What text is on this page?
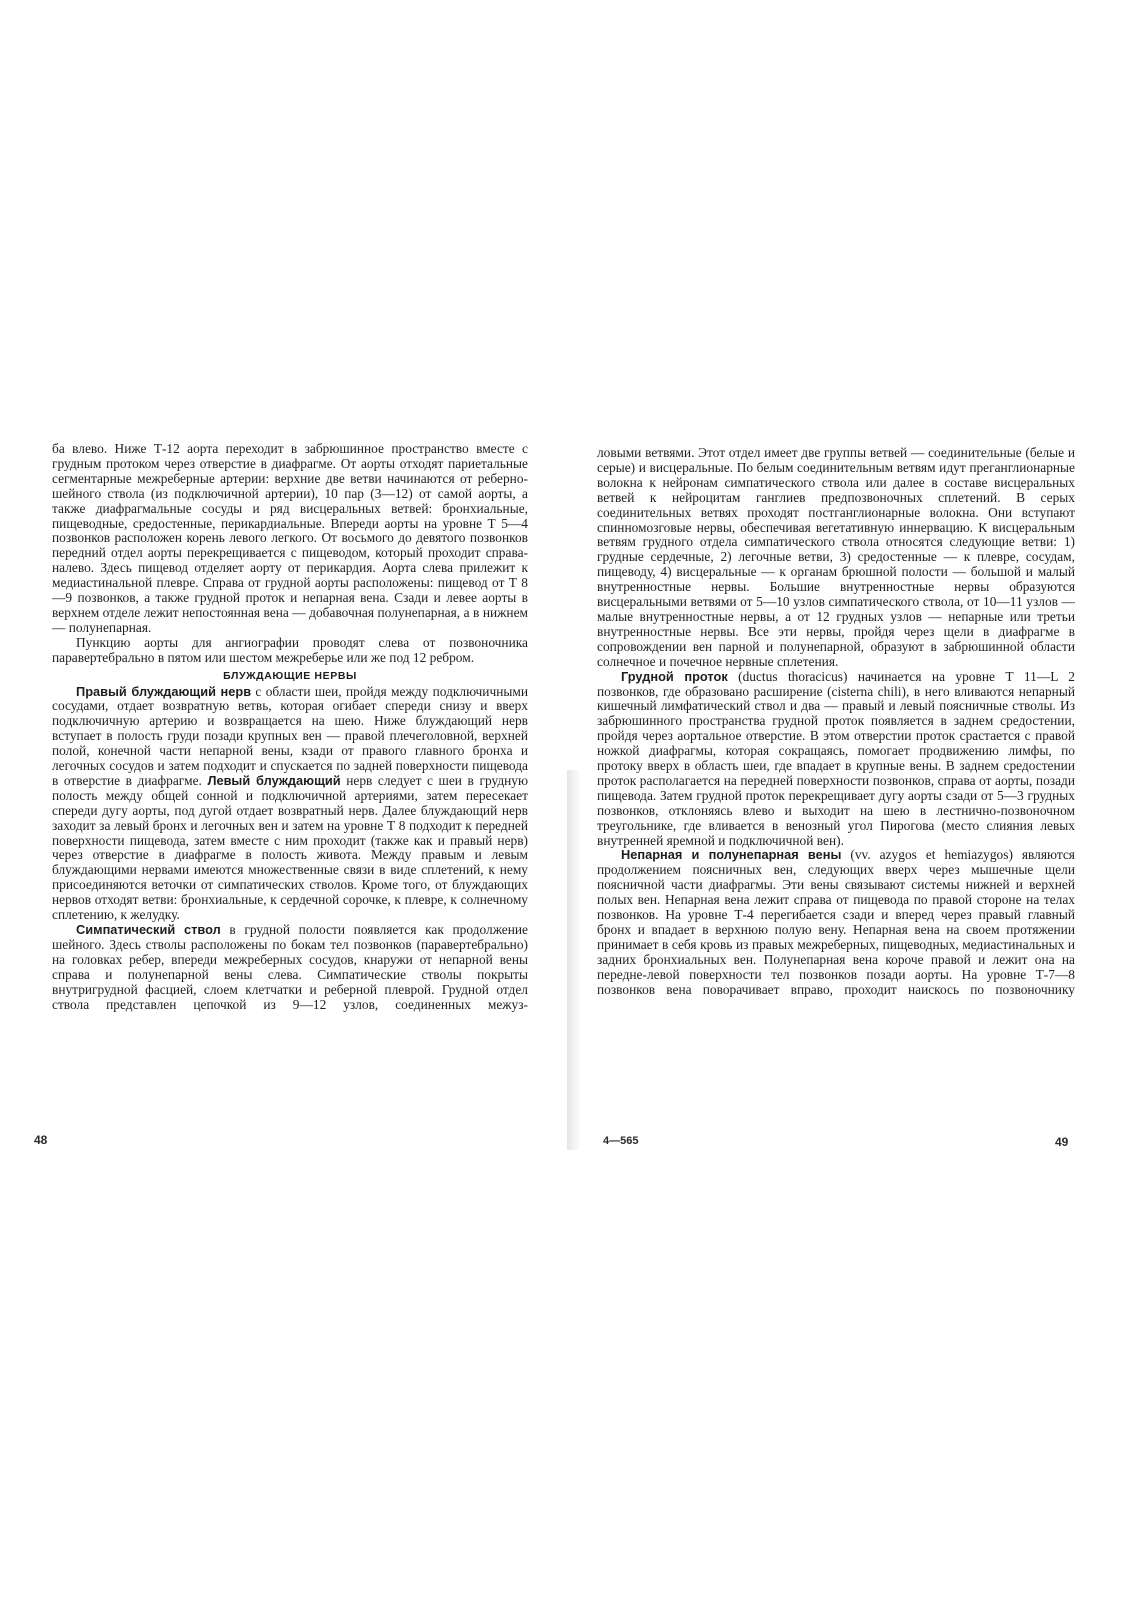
ба влево. Ниже Т-12 аорта переходит в забрюшинное пространство вместе с грудным протоком через отверстие в диафрагме. От аорты отходят париетальные сегментарные межреберные артерии: верхние две ветви начинаются от реберно-шейного ствола (из подключичной артерии), 10 пар (3—12) от самой аорты, а также диафрагмальные сосуды и ряд висцеральных ветвей: бронхиальные, пищеводные, средостенные, перикардиальные. Впереди аорты на уровне Т 5—4 позвонков расположен корень левого легкого. От восьмого до девятого позвонков передний отдел аорты перекрещивается с пищеводом, который проходит справа-налево. Здесь пищевод отделяет аорту от перикардия. Аорта слева прилежит к медиастинальной плевре. Справа от грудной аорты расположены: пищевод от Т 8—9 позвонков, а также грудной проток и непарная вена. Сзади и левее аорты в верхнем отделе лежит непостоянная вена — добавочная полунепарная, а в нижнем — полунепарная.

Пункцию аорты для ангиографии проводят слева от позвоночника паравертебрально в пятом или шестом межреберье или же под 12 ребром.

БЛУЖДАЮЩИЕ НЕРВЫ

Правый блуждающий нерв с области шеи, пройдя между подключичными сосудами, отдает возвратную ветвь, которая огибает спереди снизу и вверх подключичную артерию и возвращается на шею. Ниже блуждающий нерв вступает в полость груди позади крупных вен — правой плечеголовной, верхней полой, конечной части непарной вены, кзади от правого главного бронха и легочных сосудов и затем подходит и спускается по задней поверхности пищевода в отверстие в диафрагме. Левый блуждающий нерв следует с шеи в грудную полость между общей сонной и подключичной артериями, затем пересекает спереди дугу аорты, под дугой отдает возвратный нерв. Далее блуждающий нерв заходит за левый бронх и легочных вен и затем на уровне Т 8 подходит к передней поверхности пищевода, затем вместе с ним проходит (также как и правый нерв) через отверстие в диафрагме в полость живота. Между правым и левым блуждающими нервами имеются множественные связи в виде сплетений, к нему присоединяются веточки от симпатических стволов. Кроме того, от блуждающих нервов отходят ветви: бронхиальные, к сердечной сорочке, к плевре, к солнечному сплетению, к желудку.

Симпатический ствол в грудной полости появляется как продолжение шейного. Здесь стволы расположены по бокам тел позвонков (паравертебрально) на головках ребер, впереди межреберных сосудов, кнаружи от непарной вены справа и полунепарной вены слева. Симпатические стволы покрыты внутригрудной фасцией, слоем клетчатки и реберной плеврой. Грудной отдел ствола представлен цепочкой из 9—12 узлов, соединенных межуз-

48

ловыми ветвями. Этот отдел имеет две группы ветвей — соединительные (белые и серые) и висцеральные. По белым соединительным ветвям идут преганглионарные волокна к нейронам симпатического ствола или далее в составе висцеральных ветвей к нейроцитам ганглиев предпозвоночных сплетений. В серых соединительных ветвях проходят постганглионарные волокна. Они вступают спинномозговые нервы, обеспечивая вегетативную иннервацию. К висцеральным ветвям грудного отдела симпатического ствола относятся следующие ветви: 1) грудные сердечные, 2) легочные ветви, 3) средостенные — к плевре, сосудам, пищеводу, 4) висцеральные — к органам брюшной полости — большой и малый внутренностные нервы. Большие внутренностные нервы образуются висцеральными ветвями от 5—10 узлов симпатического ствола, от 10—11 узлов — малые внутренностные нервы, а от 12 грудных узлов — непарные или третьи внутренностные нервы. Все эти нервы, пройдя через щели в диафрагме в сопровождении вен парной и полунепарной, образуют в забрюшинной области солнечное и почечное нервные сплетения.

Грудной проток (ductus thoracicus) начинается на уровне Т 11—L 2 позвонков, где образовано расширение (cisterna chili), в него вливаются непарный кишечный лимфатический ствол и два — правый и левый поясничные стволы. Из забрюшинного пространства грудной проток появляется в заднем средостении, пройдя через аортальное отверстие. В этом отверстии проток срастается с правой ножкой диафрагмы, которая сокращаясь, помогает продвижению лимфы, по протоку вверх в область шеи, где впадает в крупные вены. В заднем средостении проток располагается на передней поверхности позвонков, справа от аорты, позади пищевода. Затем грудной проток перекрещивает дугу аорты сзади от 5—3 грудных позвонков, отклоняясь влево и выходит на шею в лестнично-позвоночном треугольнике, где вливается в венозный угол Пирогова (место слияния левых внутренней яремной и подключичной вен).

Непарная и полунепарная вены (vv. azygos et hemiazygos) являются продолжением поясничных вен, следующих вверх через мышечные щели поясничной части диафрагмы. Эти вены связывают системы нижней и верхней полых вен. Непарная вена лежит справа от пищевода по правой стороне на телах позвонков. На уровне Т-4 перегибается сзади и вперед через правый главный бронх и впадает в верхнюю полую вену. Непарная вена на своем протяжении принимает в себя кровь из правых межреберных, пищеводных, медиастинальных и задних бронхиальных вен. Полунепарная вена короче правой и лежит она на передне-левой поверхности тел позвонков позади аорты. На уровне Т-7—8 позвонков вена поворачивает вправо, проходит наискось по позвоночнику

4—565	49
